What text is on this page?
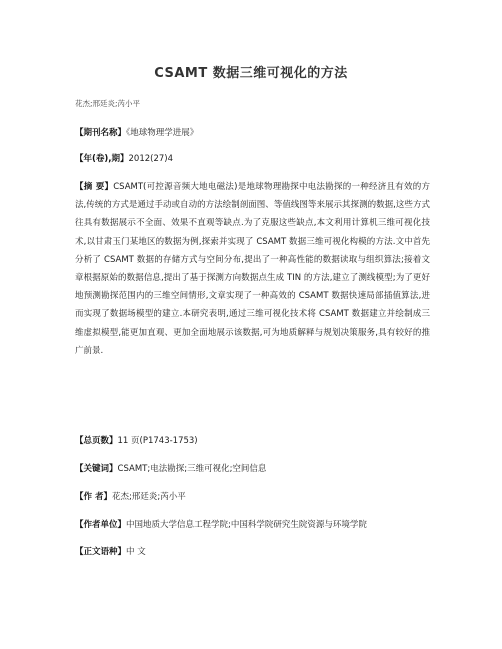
CSAMT 数据三维可视化的方法
花杰;邢廷炎;芮小平
【期刊名称】《地球物理学进展》
【年(卷),期】2012(27)4
【摘 要】CSAMT(可控源音频大地电磁法)是地球物理勘探中电法勘探的一种经济且有效的方法,传统的方式是通过手动或自动的方法绘制剖面图、等值线图等来展示其探测的数据,这些方式往具有数据展示不全面、效果不直观等缺点.为了克服这些缺点,本文利用计算机三维可视化技术,以甘肃玉门某地区的数据为例,探索并实现了 CSAMT 数据三维可视化构模的方法.文中首先分析了 CSAMT 数据的存储方式与空间分布,提出了一种高性能的数据读取与组织算法;接着文章根据原始的数据信息,提出了基于探测方向数据点生成 TIN 的方法,建立了测线模型;为了更好地预测勘探范围内的三维空间情形,文章实现了一种高效的 CSAMT 数据快速局部插值算法,进而实现了数据场模型的建立.本研究表明,通过三维可视化技术将 CSAMT 数据建立并绘制成三维虚拟模型,能更加直观、更加全面地展示该数据,可为地质解释与规划决策服务,具有较好的推广前景.
【总页数】11 页(P1743-1753)
【关键词】CSAMT;电法勘探;三维可视化;空间信息
【作 者】花杰;邢廷炎;芮小平
【作者单位】中国地质大学信息工程学院;中国科学院研究生院资源与环境学院
【正文语种】中 文
